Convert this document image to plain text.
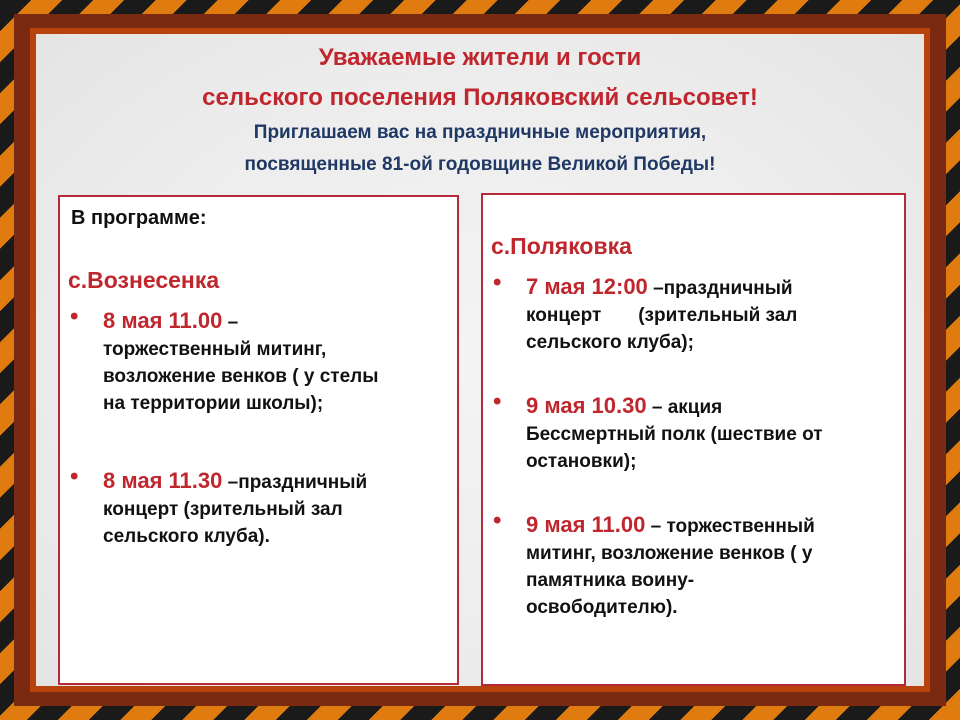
Уважаемые жители и гости
сельского поселения Поляковский сельсовет!
Приглашаем вас на праздничные мероприятия,
посвященные 81-ой годовщине Великой Победы!
В программе:
с.Вознесенка
• 8 мая 11.00 –
торжественный митинг,
возложение венков ( у стелы
на территории школы);
• 8 мая 11.30 –праздничный
концерт (зрительный зал
сельского клуба).
с.Поляковка
• 7 мая 12:00 –праздничный
концерт       (зрительный зал
сельского клуба);
• 9 мая 10.30 – акция
Бессмертный полк (шествие от
остановки);
• 9 мая 11.00 – торжественный
митинг, возложение венков ( у
памятника воину-
освободителю).
